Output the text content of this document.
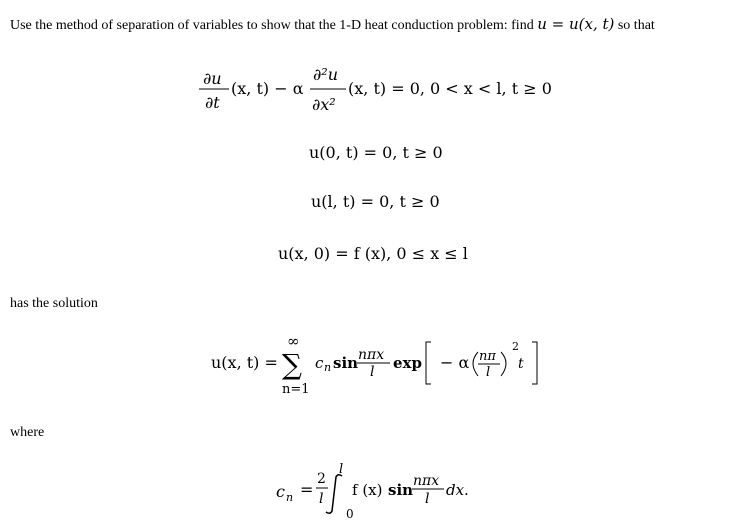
Use the method of separation of variables to show that the 1-D heat conduction problem: find u = u(x, t) so that
∂u
∂t
(x, t) − α
∂²u
∂x²
(x, t) = 0, 0 < x < l, t ≥ 0
u(0, t) = 0, t ≥ 0
u(l, t) = 0, t ≥ 0
u(x, 0) = f (x), 0 ≤ x ≤ l
has the solution
u(x, t) =
∞
∑
n=1
c n sin nπx
l exp − α nπ
l
2
t
where
c n =
2
l
l
0
f (x) sin nπx
l dx.
